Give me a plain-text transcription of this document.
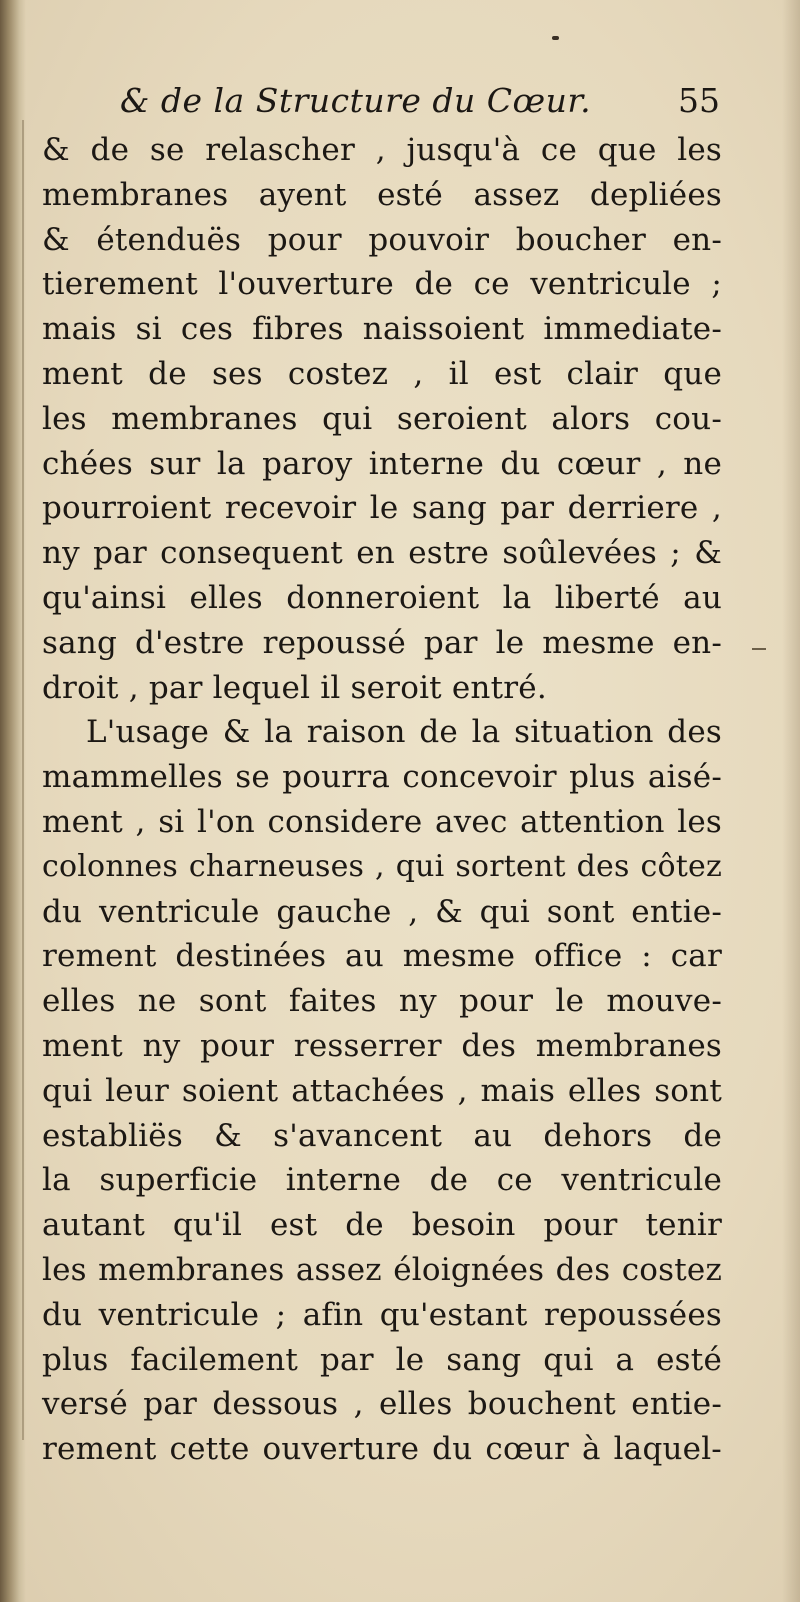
& de la Structure du Cœur.	55
& de se relascher , jusqu'à ce que les
membranes ayent esté assez depliées
& étenduës pour pouvoir boucher en-
tierement l'ouverture de ce ventricule ;
mais si ces fibres naissoient immediate-
ment de ses costez , il est clair que
les membranes qui seroient alors cou-
chées sur la paroy interne du cœur , ne
pourroient recevoir le sang par derriere ,
ny par consequent en estre soûlevées ; &
qu'ainsi elles donneroient la liberté au
sang d'estre repoussé par le mesme en-
droit , par lequel il seroit entré.
L'usage & la raison de la situation des
mammelles se pourra concevoir plus aisé-
ment , si l'on considere avec attention les
colonnes charneuses , qui sortent des côtez
du ventricule gauche , & qui sont entie-
rement destinées au mesme office : car
elles ne sont faites ny pour le mouve-
ment ny pour resserrer des membranes
qui leur soient attachées , mais elles sont
establiës & s'avancent au dehors de
la superficie interne de ce ventricule
autant qu'il est de besoin pour tenir
les membranes assez éloignées des costez
du ventricule ; afin qu'estant repoussées
plus facilement par le sang qui a esté
versé par dessous , elles bouchent entie-
rement cette ouverture du cœur à laquel-
